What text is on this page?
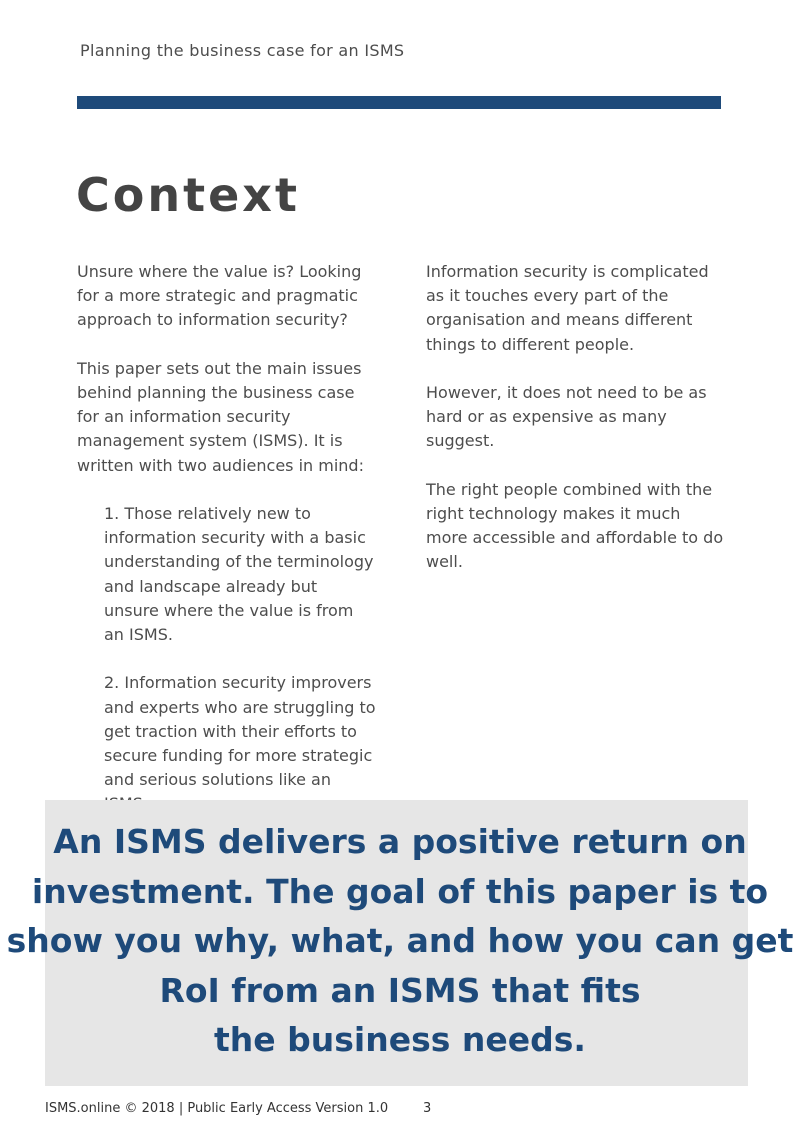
Planning the business case for an ISMS
Context

Unsure where the value is? Looking for a more strategic and pragmatic approach to information security?

This paper sets out the main issues behind planning the business case for an information security management system (ISMS). It is written with two audiences in mind:

1. Those relatively new to information security with a basic understanding of the terminology and landscape already but unsure where the value is from an ISMS.

2. Information security improvers and experts who are struggling to get traction with their efforts to secure funding for more strategic and serious solutions like an

Information security is complicated as it touches every part of the organisation and means different things to different people.

However, it does not need to be as hard or as expensive as many suggest.

The right people combined with the right technology makes it much more accessible and affordable to do well.

An ISMS delivers a positive return on
investment. The goal of this paper is to
show you why, what, and how you can get
RoI from an ISMS that fits
the business needs.

ISMS.online © 2018 | Public Early Access Version 1.0	3
